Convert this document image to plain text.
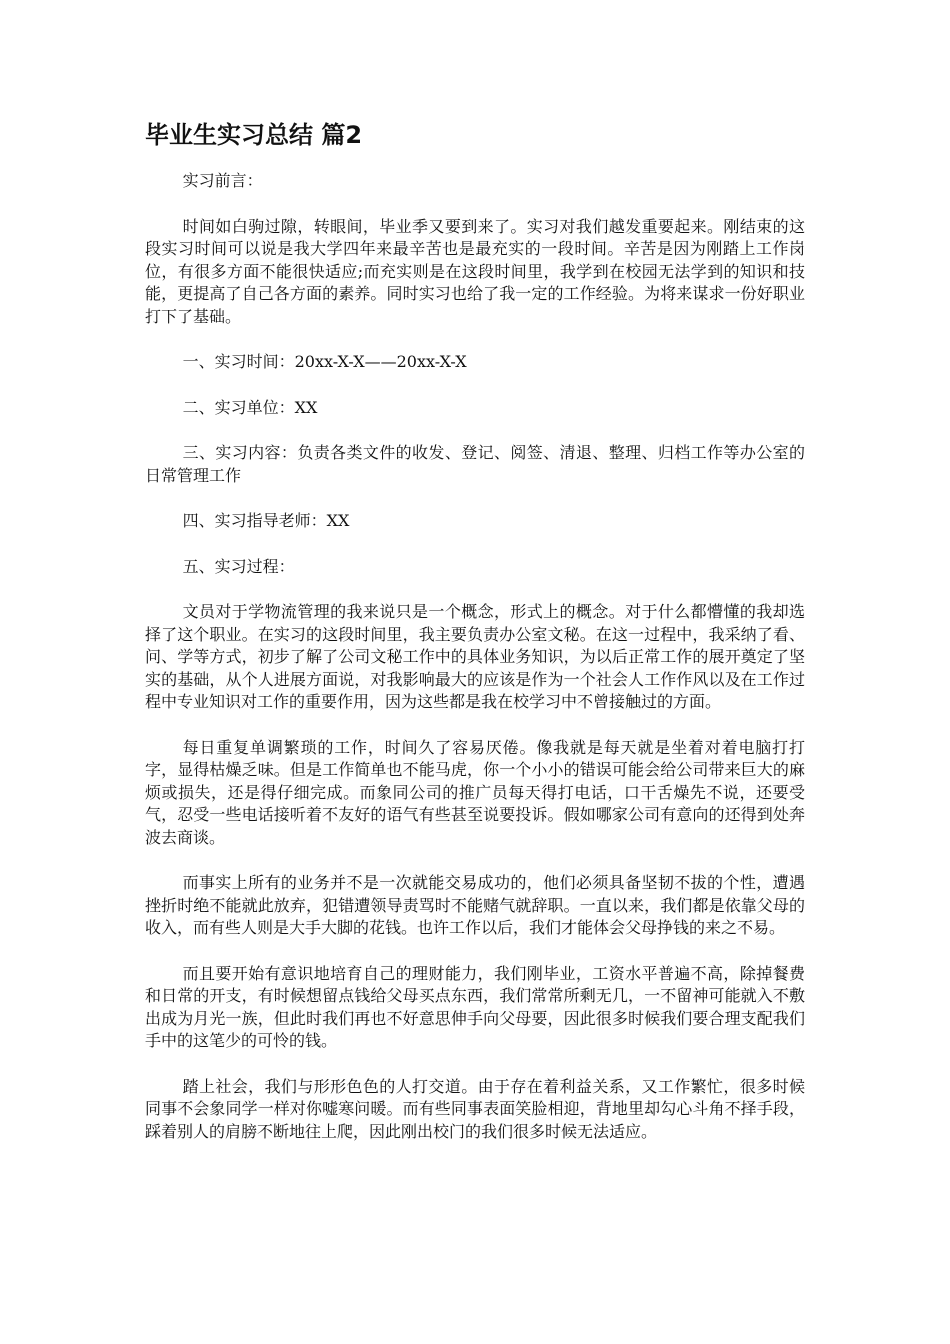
毕业生实习总结 篇2

实习前言：

时间如白驹过隙，转眼间，毕业季又要到来了。实习对我们越发重要起来。刚结束的这段实习时间可以说是我大学四年来最辛苦也是最充实的一段时间。辛苦是因为刚踏上工作岗位，有很多方面不能很快适应;而充实则是在这段时间里，我学到在校园无法学到的知识和技能，更提高了自己各方面的素养。同时实习也给了我一定的工作经验。为将来谋求一份好职业打下了基础。

一、实习时间：20xx-X-X——20xx-X-X

二、实习单位：XX

三、实习内容：负责各类文件的收发、登记、阅签、清退、整理、归档工作等办公室的日常管理工作

四、实习指导老师：XX

五、实习过程：

文员对于学物流管理的我来说只是一个概念，形式上的概念。对于什么都懵懂的我却选择了这个职业。在实习的这段时间里，我主要负责办公室文秘。在这一过程中，我采纳了看、问、学等方式，初步了解了公司文秘工作中的具体业务知识，为以后正常工作的展开奠定了坚实的基础，从个人进展方面说，对我影响最大的应该是作为一个社会人工作作风以及在工作过程中专业知识对工作的重要作用，因为这些都是我在校学习中不曾接触过的方面。

每日重复单调繁琐的工作，时间久了容易厌倦。像我就是每天就是坐着对着电脑打打字，显得枯燥乏味。但是工作简单也不能马虎，你一个小小的错误可能会给公司带来巨大的麻烦或损失，还是得仔细完成。而象同公司的推广员每天得打电话，口干舌燥先不说，还要受气，忍受一些电话接听着不友好的语气有些甚至说要投诉。假如哪家公司有意向的还得到处奔波去商谈。

而事实上所有的业务并不是一次就能交易成功的，他们必须具备坚韧不拔的个性，遭遇挫折时绝不能就此放弃，犯错遭领导责骂时不能赌气就辞职。一直以来，我们都是依靠父母的收入，而有些人则是大手大脚的花钱。也许工作以后，我们才能体会父母挣钱的来之不易。

而且要开始有意识地培育自己的理财能力，我们刚毕业，工资水平普遍不高，除掉餐费和日常的开支，有时候想留点钱给父母买点东西，我们常常所剩无几，一不留神可能就入不敷出成为月光一族，但此时我们再也不好意思伸手向父母要，因此很多时候我们要合理支配我们手中的这笔少的可怜的钱。

踏上社会，我们与形形色色的人打交道。由于存在着利益关系，又工作繁忙，很多时候同事不会象同学一样对你嘘寒问暖。而有些同事表面笑脸相迎，背地里却勾心斗角不择手段，踩着别人的肩膀不断地往上爬，因此刚出校门的我们很多时候无法适应。
